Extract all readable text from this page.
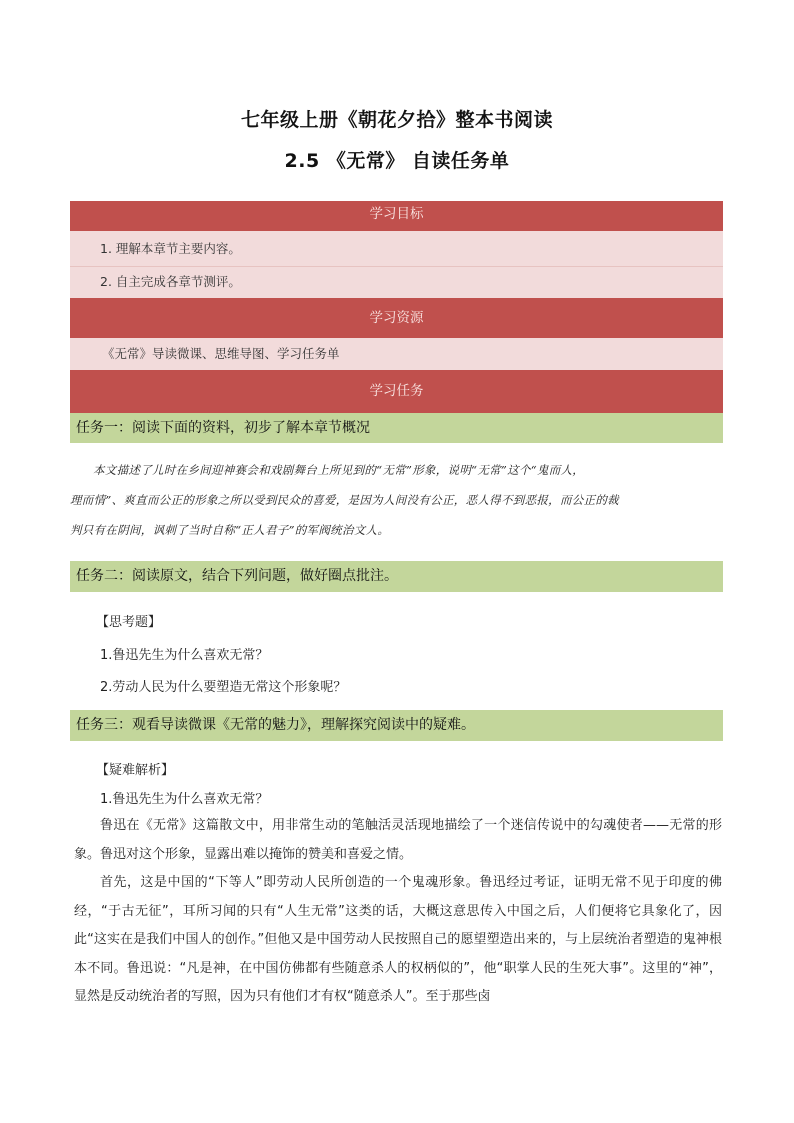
七年级上册《朝花夕拾》整本书阅读
2.5 《无常》 自读任务单
学习目标
1. 理解本章节主要内容。
2. 自主完成各章节测评。
学习资源
《无常》导读微课、思维导图、学习任务单
学习任务
任务一：阅读下面的资料，初步了解本章节概况
本文描述了儿时在乡间迎神赛会和戏剧舞台上所见到的“无常”形象，说明“无常”这个“鬼而人，
理而情”、爽直而公正的形象之所以受到民众的喜爱，是因为人间没有公正，恶人得不到恶报，而公正的裁
判只有在阴间，讽刺了当时自称“正人君子”的军阀统治文人。
任务二：阅读原文，结合下列问题，做好圈点批注。
【思考题】
1.鲁迅先生为什么喜欢无常？
2.劳动人民为什么要塑造无常这个形象呢？
任务三：观看导读微课《无常的魅力》，理解探究阅读中的疑难。
【疑难解析】
1.鲁迅先生为什么喜欢无常？
鲁迅在《无常》这篇散文中，用非常生动的笔触活灵活现地描绘了一个迷信传说中的勾魂使者——无常的形象。鲁迅对这个形象，显露出难以掩饰的赞美和喜爱之情。
首先，这是中国的“下等人”即劳动人民所创造的一个鬼魂形象。鲁迅经过考证，证明无常不见于印度的佛经，“于古无征”，耳所习闻的只有“人生无常”这类的话，大概这意思传入中国之后，人们便将它具象化了，因此“这实在是我们中国人的创作。”但他又是中国劳动人民按照自己的愿望塑造出来的，与上层统治者塑造的鬼神根本不同。鲁迅说：“凡是神，在中国仿佛都有些随意杀人的权柄似的”，他“职掌人民的生死大事”。这里的“神”，显然是反动统治者的写照，因为只有他们才有权“随意杀人”。至于那些卤
